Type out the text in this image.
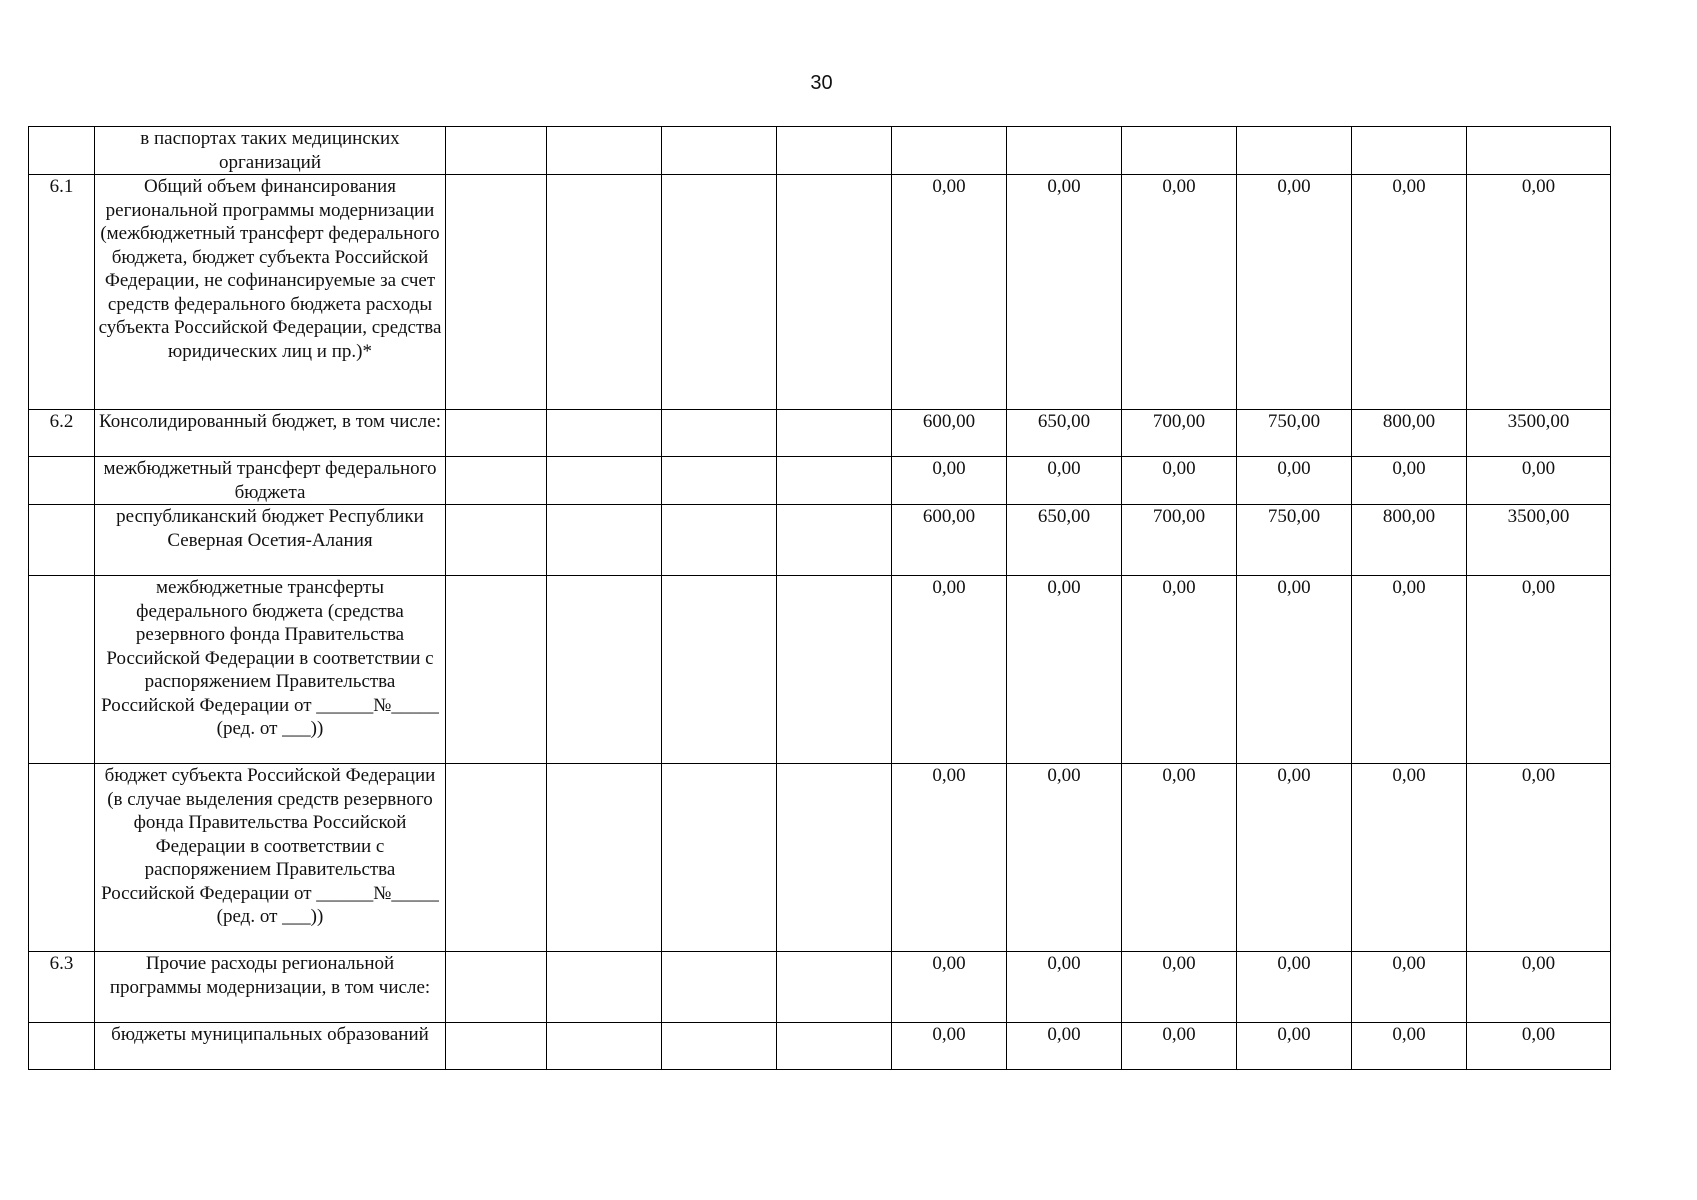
30
	в паспортах таких медицинских организаций										
6.1	Общий объем финансирования региональной программы модернизации (межбюджетный трансферт федерального бюджета, бюджет субъекта Российской Федерации, не софинансируемые за счет средств федерального бюджета расходы субъекта Российской Федерации, средства юридических лиц и пр.)*					0,00	0,00	0,00	0,00	0,00	0,00
6.2	Консолидированный бюджет, в том числе:					600,00	650,00	700,00	750,00	800,00	3500,00
	межбюджетный трансферт федерального бюджета					0,00	0,00	0,00	0,00	0,00	0,00
	республиканский бюджет Республики Северная Осетия-Алания					600,00	650,00	700,00	750,00	800,00	3500,00
	межбюджетные трансферты федерального бюджета (средства резервного фонда Правительства Российской Федерации в соответствии с распоряжением Правительства Российской Федерации от ______№_____ (ред. от ___))					0,00	0,00	0,00	0,00	0,00	0,00
	бюджет субъекта Российской Федерации (в случае выделения средств резервного фонда Правительства Российской Федерации в соответствии с распоряжением Правительства Российской Федерации от ______№_____ (ред. от ___))					0,00	0,00	0,00	0,00	0,00	0,00
6.3	Прочие расходы региональной программы модернизации, в том числе:					0,00	0,00	0,00	0,00	0,00	0,00
	бюджеты муниципальных образований					0,00	0,00	0,00	0,00	0,00	0,00
